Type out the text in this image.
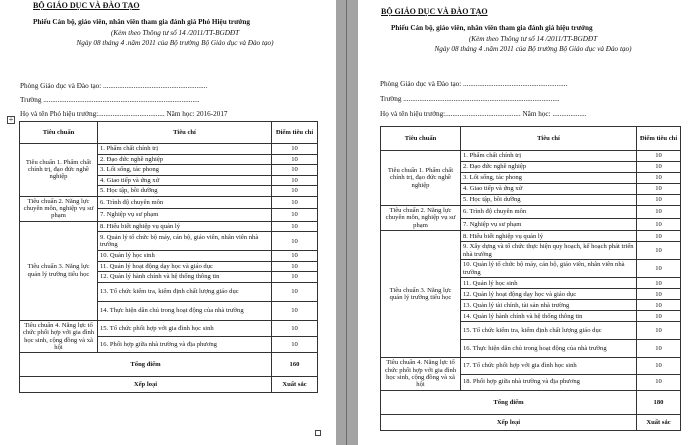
BỘ GIÁO DỤC VÀ ĐÀO TẠO
Phiếu Cán bộ, giáo viên, nhân viên tham gia đánh giá Phó Hiệu trưởng
(Kèm theo Thông tư số 14 /2011/TT-BGDĐT
Ngày 08 tháng 4 .năm 2011 của Bộ trưởng Bộ Giáo dục và Đào tạo)
Phòng Giáo dục và Đào tạo: ..........................................................
Trường .......................................................................................
Họ và tên Phó hiệu trưởng:..................................... Năm học: 2016-2017
Tiêu chuẩn	Tiêu chí	Điểm tiêu chí
Tiêu chuẩn 1. Phẩm chất chính trị, đạo đức nghề nghiệp	1. Phẩm chất chính trị	10
	2. Đạo đức nghề nghiệp	10
	3. Lối sống, tác phong	10
	4. Giao tiếp và ứng xử	10
	5. Học tập, bồi dưỡng	10
Tiêu chuẩn 2. Năng lực chuyên môn, nghiệp vụ sư phạm	6. Trình độ chuyên môn	10
	7. Nghiệp vụ sư phạm	10
Tiêu chuẩn 3. Năng lực quản lý trường tiểu học	8. Hiểu biết nghiệp vụ quản lý	10
	9. Quản lý tổ chức bộ máy, cán bộ, giáo viên, nhân viên nhà trường	10
	10. Quản lý học sinh	10
	11. Quản lý hoạt động dạy học và giáo dục	10
	12. Quản lý hành chính và hệ thống thông tin	10
	13. Tổ chức kiểm tra, kiểm định chất lượng giáo dục	10
	14. Thực hiện dân chủ trong hoạt động của nhà trường	10
Tiêu chuẩn 4. Năng lực tổ chức phối hợp với gia đình học sinh, cộng đồng và xã hội	15. Tổ chức phối hợp với gia đình học sinh	10
	16. Phối hợp giữa nhà trường và địa phương	10
Tổng điểm		160
Xếp loại		Xuất sắc
+
BỘ GIÁO DỤC VÀ ĐÀO TẠO
Phiếu Cán bộ, giáo viên, nhân viên tham gia đánh giá hiệu trưởng
(Kèm theo Thông tư số 14 /2011/TT-BGDĐT
Ngày 08 tháng 4 .năm 2011 của Bộ trưởng Bộ Giáo dục và Đào tạo)
Phòng Giáo dục và Đào tạo: ..........................................................
Trường .......................................................................................
Họ và tên hiệu trưởng:.......................................... Năm học: ...................
Tiêu chuẩn	Tiêu chí	Điểm tiêu chí
Tiêu chuẩn 1. Phẩm chất chính trị, đạo đức nghề nghiệp	1. Phẩm chất chính trị	10
	2. Đạo đức nghề nghiệp	10
	3. Lối sống, tác phong	10
	4. Giao tiếp và ứng xử	10
	5. Học tập, bồi dưỡng	10
Tiêu chuẩn 2. Năng lực chuyên môn, nghiệp vụ sư phạm	6. Trình độ chuyên môn	10
	7. Nghiệp vụ sư phạm	10
Tiêu chuẩn 3. Năng lực quản lý trường tiểu học	8. Hiểu biết nghiệp vụ quản lý	10
	9. Xây dựng và tổ chức thực hiện quy hoạch, kế hoạch phát triển nhà trường	10
	10. Quản lý tổ chức bộ máy, cán bộ, giáo viên, nhân viên nhà trường	10
	11. Quản lý học sinh	10
	12. Quản lý hoạt động dạy học và giáo dục	10
	13. Quản lý tài chính, tài sản nhà trường	10
	14. Quản lý hành chính và hệ thống thông tin	10
	15. Tổ chức kiểm tra, kiểm định chất lượng giáo dục	10
	16. Thực hiện dân chủ trong hoạt động của nhà trường	10
Tiêu chuẩn 4. Năng lực tổ chức phối hợp với gia đình học sinh, cộng đồng và xã hội	17. Tổ chức phối hợp với gia đình học sinh	10
	18. Phối hợp giữa nhà trường và địa phương	10
Tổng điểm		180
Xếp loại		Xuất sắc
